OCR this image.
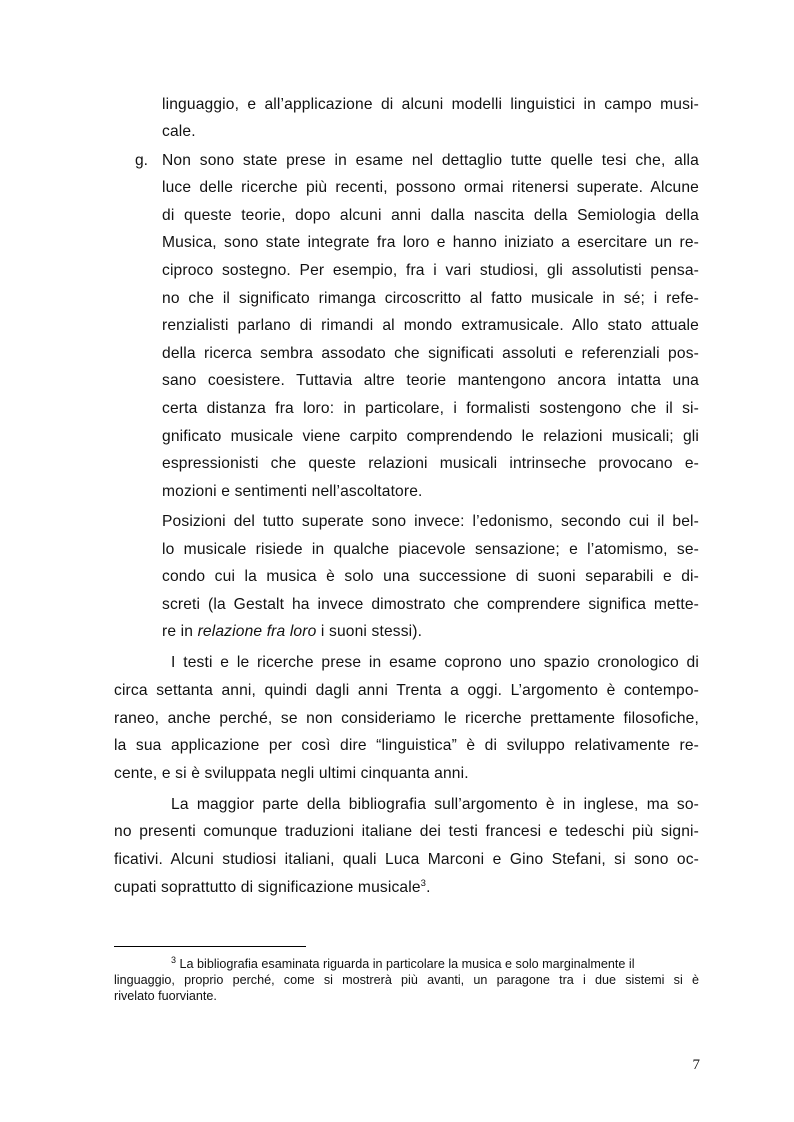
linguaggio, e all’applicazione di alcuni modelli linguistici in campo musi-
cale.
g. Non sono state prese in esame nel dettaglio tutte quelle tesi che, alla
luce delle ricerche più recenti, possono ormai ritenersi superate. Alcune
di queste teorie, dopo alcuni anni dalla nascita della Semiologia della
Musica, sono state integrate fra loro e hanno iniziato a esercitare un re-
ciproco sostegno. Per esempio, fra i vari studiosi, gli assolutisti pensa-
no che il significato rimanga circoscritto al fatto musicale in sé; i refe-
renzialisti parlano di rimandi al mondo extramusicale. Allo stato attuale
della ricerca sembra assodato che significati assoluti e referenziali pos-
sano coesistere. Tuttavia altre teorie mantengono ancora intatta una
certa distanza fra loro: in particolare, i formalisti sostengono che il si-
gnificato musicale viene carpito comprendendo le relazioni musicali; gli
espressionisti che queste relazioni musicali intrinseche provocano e-
mozioni e sentimenti nell’ascoltatore.
Posizioni del tutto superate sono invece: l’edonismo, secondo cui il bel-
lo musicale risiede in qualche piacevole sensazione; e l’atomismo, se-
condo cui la musica è solo una successione di suoni separabili e di-
screti (la Gestalt ha invece dimostrato che comprendere significa mette-
re in relazione fra loro i suoni stessi).
I testi e le ricerche prese in esame coprono uno spazio cronologico di
circa settanta anni, quindi dagli anni Trenta a oggi. L’argomento è contempo-
raneo, anche perché, se non consideriamo le ricerche prettamente filosofiche,
la sua applicazione per così dire “linguistica” è di sviluppo relativamente re-
cente, e si è sviluppata negli ultimi cinquanta anni.
La maggior parte della bibliografia sull’argomento è in inglese, ma so-
no presenti comunque traduzioni italiane dei testi francesi e tedeschi più signi-
ficativi. Alcuni studiosi italiani, quali Luca Marconi e Gino Stefani, si sono oc-
cupati soprattutto di significazione musicale$^3$.
$^3$ La bibliografia esaminata riguarda in particolare la musica e solo marginalmente il
linguaggio, proprio perché, come si mostrerà più avanti, un paragone tra i due sistemi si è
rivelato fuorviante.
7
